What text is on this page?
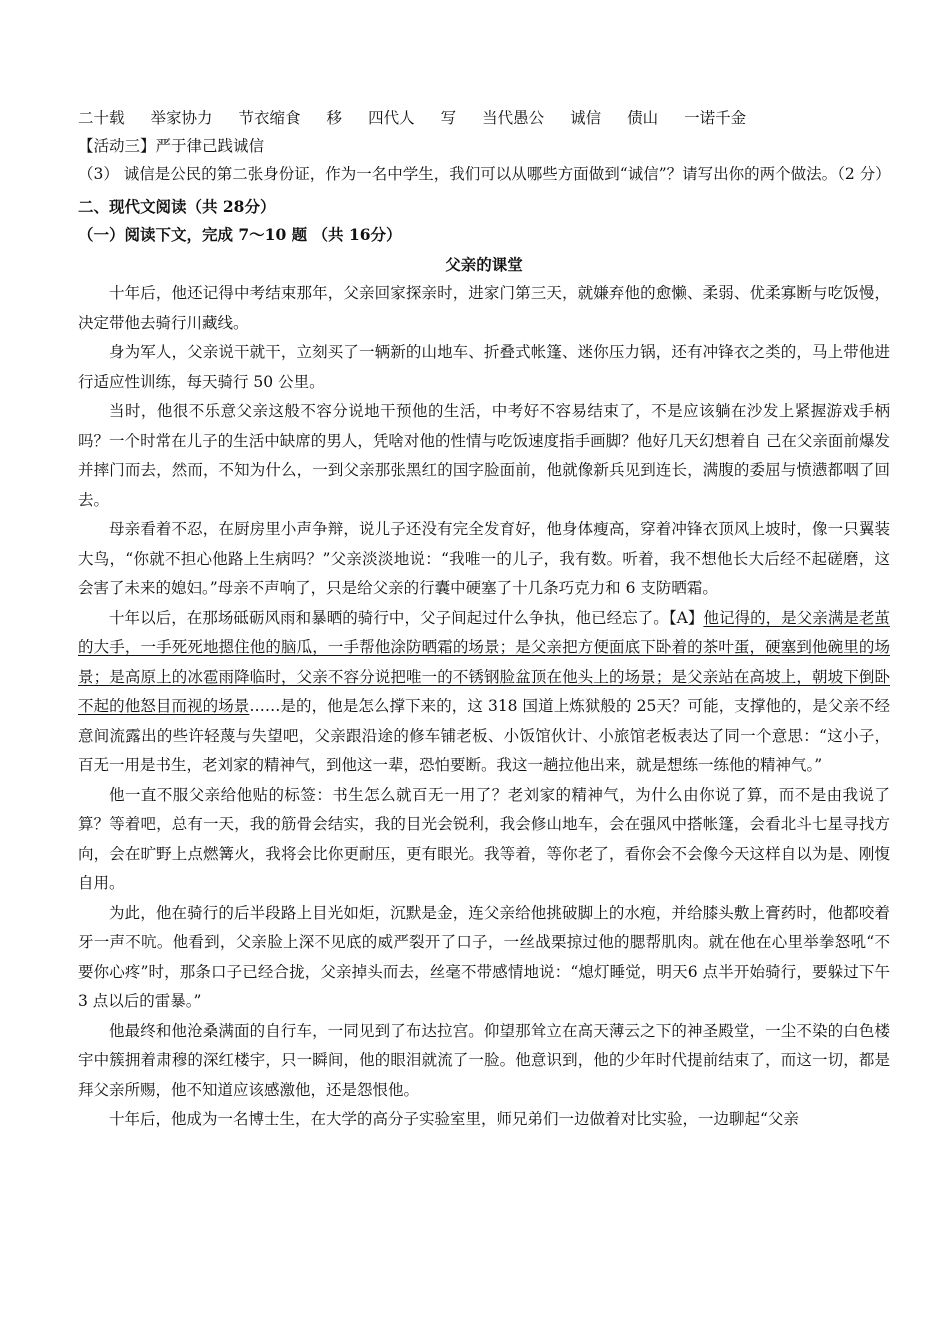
二十载 举家协力 节衣缩食 移 四代人 写 当代愚公 诚信 债山 一诺千金

【活动三】严于律己践诚信

（3） 诚信是公民的第二张身份证，作为一名中学生，我们可以从哪些方面做到“诚信”？请写出你的两个做法。（2 分）

二、现代文阅读（共 28分）

（一）阅读下文，完成 7～10 题 （共 16分）

父亲的课堂

十年后，他还记得中考结束那年，父亲回家探亲时，进家门第三天，就嫌弃他的愈懒、柔弱、优柔寡断与吃饭慢，决定带他去骑行川藏线。

身为军人，父亲说干就干，立刻买了一辆新的山地车、折叠式帐篷、迷你压力锅，还有冲锋衣之类的，马上带他进行适应性训练，每天骑行 50 公里。

当时，他很不乐意父亲这般不容分说地干预他的生活，中考好不容易结束了，不是应该躺在沙发上紧握游戏手柄吗？一个时常在儿子的生活中缺席的男人，凭啥对他的性情与吃饭速度指手画脚？他好几天幻想着自 己在父亲面前爆发并摔门而去，然而，不知为什么，一到父亲那张黑红的国字脸面前，他就像新兵见到连长，满腹的委屈与愤懑都咽了回去。

母亲看着不忍，在厨房里小声争辩，说儿子还没有完全发育好，他身体瘦高，穿着冲锋衣顶风上坡时，像一只翼装大鸟，“你就不担心他路上生病吗？”父亲淡淡地说：“我唯一的儿子，我有数。听着，我不想他长大后经不起磋磨，这会害了未来的媳妇。”母亲不声响了，只是给父亲的行囊中硬塞了十几条巧克力和 6 支防晒霜。

十年以后，在那场砥砺风雨和暴晒的骑行中，父子间起过什么争执，他已经忘了。【A】他记得的，是父亲满是老茧的大手，一手死死地摁住他的脑瓜，一手帮他涂防晒霜的场景；是父亲把方便面底下卧着的茶叶蛋，硬塞到他碗里的场景；是高原上的冰雹雨降临时，父亲不容分说把唯一的不锈钢脸盆顶在他头上的场景；是父亲站在高坡上，朝坡下倒卧不起的他怒目而视的场景……是的，他是怎么撑下来的，这 318 国道上炼狱般的 25天？可能，支撑他的，是父亲不经意间流露出的些许轻蔑与失望吧，父亲跟沿途的修车铺老板、小饭馆伙计、小旅馆老板表达了同一个意思：“这小子，百无一用是书生，老刘家的精神气，到他这一辈，恐怕要断。我这一趟拉他出来，就是想练一练他的精神气。”

他一直不服父亲给他贴的标签：书生怎么就百无一用了？老刘家的精神气，为什么由你说了算，而不是由我说了算？等着吧，总有一天，我的筋骨会结实，我的目光会锐利，我会修山地车，会在强风中搭帐篷，会看北斗七星寻找方向，会在旷野上点燃篝火，我将会比你更耐压，更有眼光。我等着，等你老了，看你会不会像今天这样自以为是、刚愎自用。

为此，他在骑行的后半段路上目光如炬，沉默是金，连父亲给他挑破脚上的水疱，并给膝头敷上膏药时，他都咬着牙一声不吭。他看到，父亲脸上深不见底的威严裂开了口子，一丝战栗掠过他的腮帮肌肉。就在他在心里举拳怒吼“不要你心疼”时，那条口子已经合拢，父亲掉头而去，丝毫不带感情地说：“熄灯睡觉，明天6 点半开始骑行，要躲过下午 3 点以后的雷暴。”

他最终和他沧桑满面的自行车，一同见到了布达拉宫。仰望那耸立在高天薄云之下的神圣殿堂，一尘不染的白色楼宇中簇拥着肃穆的深红楼宇，只一瞬间，他的眼泪就流了一脸。他意识到，他的少年时代提前结束了，而这一切，都是拜父亲所赐，他不知道应该感激他，还是怨恨他。

十年后，他成为一名博士生，在大学的高分子实验室里，师兄弟们一边做着对比实验，一边聊起“父亲
